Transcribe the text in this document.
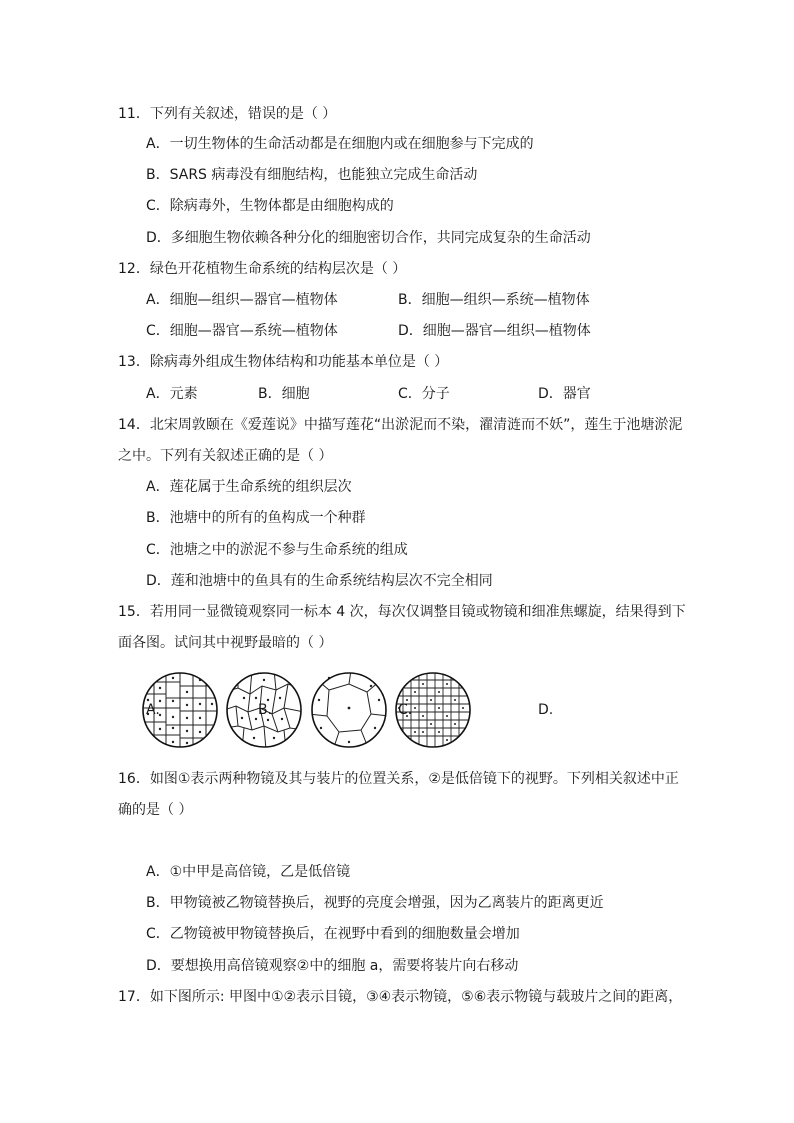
11．下列有关叙述，错误的是（ ）
A．一切生物体的生命活动都是在细胞内或在细胞参与下完成的
B．SARS 病毒没有细胞结构，也能独立完成生命活动
C．除病毒外，生物体都是由细胞构成的
D．多细胞生物依赖各种分化的细胞密切合作，共同完成复杂的生命活动
12．绿色开花植物生命系统的结构层次是（ ）
A．细胞—组织—器官—植物体	B．细胞—组织—系统—植物体
C．细胞—器官—系统—植物体	D．细胞—器官—组织—植物体
13．除病毒外组成生物体结构和功能基本单位是（ ）
A．元素	B．细胞	C．分子	D．器官
14．北宋周敦颐在《爱莲说》中描写莲花“出淤泥而不染，濯清涟而不妖”，莲生于池塘淤泥
之中。下列有关叙述正确的是（ ）
A．莲花属于生命系统的组织层次
B．池塘中的所有的鱼构成一个种群
C．池塘之中的淤泥不参与生命系统的组成
D．莲和池塘中的鱼具有的生命系统结构层次不完全相同
15．若用同一显微镜观察同一标本 4 次，每次仅调整目镜或物镜和细准焦螺旋，结果得到下
面各图。试问其中视野最暗的（ ）
A.
	B.
	C.
	D.
16．如图①表示两种物镜及其与装片的位置关系，②是低倍镜下的视野。下列相关叙述中正
确的是（ ）
A．①中甲是高倍镜，乙是低倍镜
B．甲物镜被乙物镜替换后，视野的亮度会增强，因为乙离装片的距离更近
C．乙物镜被甲物镜替换后，在视野中看到的细胞数量会增加
D．要想换用高倍镜观察②中的细胞 a，需要将装片向右移动
17．如下图所示: 甲图中①②表示目镜，③④表示物镜，⑤⑥表示物镜与载玻片之间的距离，
